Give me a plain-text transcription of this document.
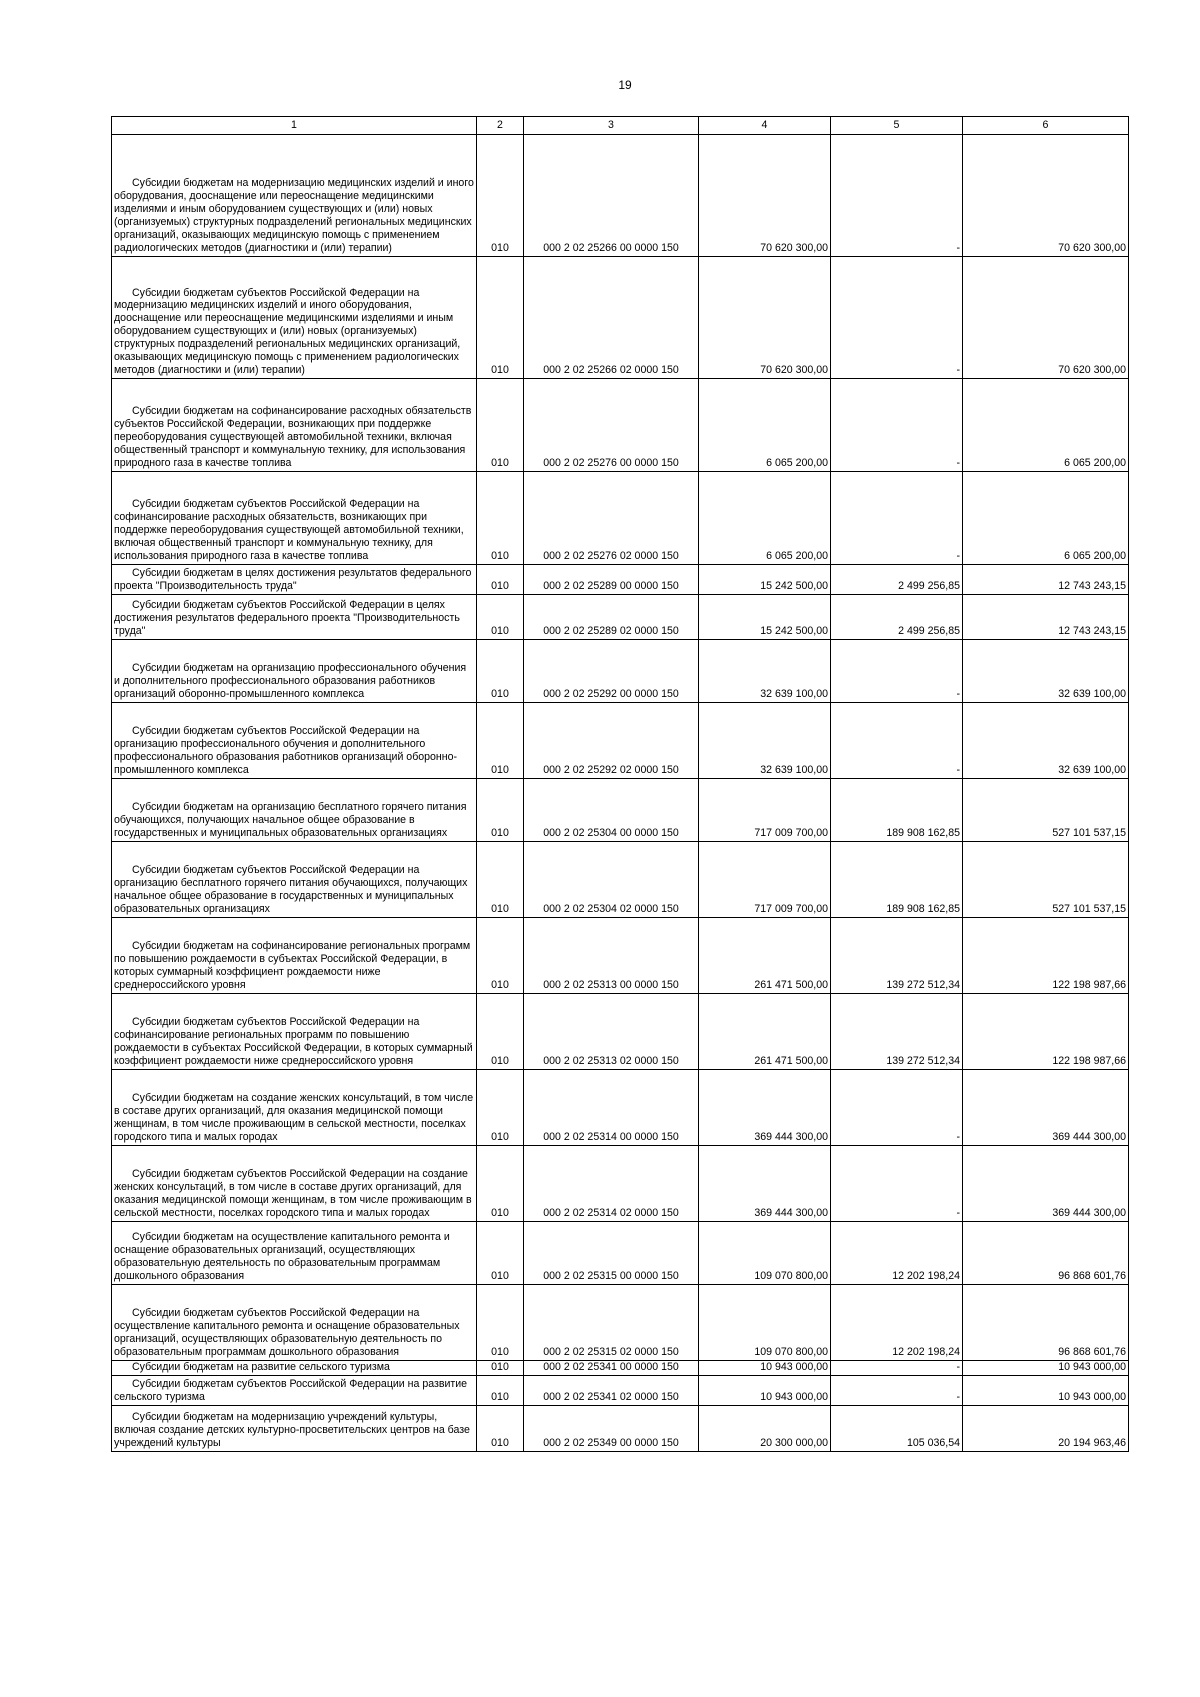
19
1	2	3	4	5	6

Субсидии бюджетам на модернизацию медицинских изделий и иного оборудования, дооснащение или переоснащение медицинскими изделиями и иным оборудованием существующих и (или) новых (организуемых) структурных подразделений региональных медицинских организаций, оказывающих медицинскую помощь с применением радиологических методов (диагностики и (или) терапии)	010	000 2 02 25266 00 0000 150	70 620 300,00	-	70 620 300,00

Субсидии бюджетам субъектов Российской Федерации на модернизацию медицинских изделий и иного оборудования, дооснащение или переоснащение медицинскими изделиями и иным оборудованием существующих и (или) новых (организуемых) структурных подразделений региональных медицинских организаций, оказывающих медицинскую помощь с применением радиологических методов (диагностики и (или) терапии)	010	000 2 02 25266 02 0000 150	70 620 300,00	-	70 620 300,00

Субсидии бюджетам на софинансирование расходных обязательств субъектов Российской Федерации, возникающих при поддержке переоборудования существующей автомобильной техники, включая общественный транспорт и коммунальную технику, для использования природного газа в качестве топлива	010	000 2 02 25276 00 0000 150	6 065 200,00	-	6 065 200,00

Субсидии бюджетам субъектов Российской Федерации на софинансирование расходных обязательств, возникающих при поддержке переоборудования существующей автомобильной техники, включая общественный транспорт и коммунальную технику, для использования природного газа в качестве топлива	010	000 2 02 25276 02 0000 150	6 065 200,00	-	6 065 200,00

Субсидии бюджетам в целях достижения результатов федерального проекта "Производительность труда"	010	000 2 02 25289 00 0000 150	15 242 500,00	2 499 256,85	12 743 243,15

Субсидии бюджетам субъектов Российской Федерации в целях достижения результатов федерального проекта "Производительность труда"	010	000 2 02 25289 02 0000 150	15 242 500,00	2 499 256,85	12 743 243,15

Субсидии бюджетам на организацию профессионального обучения и дополнительного профессионального образования работников организаций оборонно-промышленного комплекса	010	000 2 02 25292 00 0000 150	32 639 100,00	-	32 639 100,00

Субсидии бюджетам субъектов Российской Федерации на организацию профессионального обучения и дополнительного профессионального образования работников организаций оборонно-промышленного комплекса	010	000 2 02 25292 02 0000 150	32 639 100,00	-	32 639 100,00

Субсидии бюджетам на организацию бесплатного горячего питания обучающихся, получающих начальное общее образование в государственных и муниципальных образовательных организациях	010	000 2 02 25304 00 0000 150	717 009 700,00	189 908 162,85	527 101 537,15

Субсидии бюджетам субъектов Российской Федерации на организацию бесплатного горячего питания обучающихся, получающих начальное общее образование в государственных и муниципальных образовательных организациях	010	000 2 02 25304 02 0000 150	717 009 700,00	189 908 162,85	527 101 537,15

Субсидии бюджетам на софинансирование региональных программ по повышению рождаемости в субъектах Российской Федерации, в которых суммарный коэффициент рождаемости ниже среднероссийского уровня	010	000 2 02 25313 00 0000 150	261 471 500,00	139 272 512,34	122 198 987,66

Субсидии бюджетам субъектов Российской Федерации на софинансирование региональных программ по повышению рождаемости в субъектах Российской Федерации, в которых суммарный коэффициент рождаемости ниже среднероссийского уровня	010	000 2 02 25313 02 0000 150	261 471 500,00	139 272 512,34	122 198 987,66

Субсидии бюджетам на создание женских консультаций, в том числе в составе других организаций, для оказания медицинской помощи женщинам, в том числе проживающим в сельской местности, поселках городского типа и малых городах	010	000 2 02 25314 00 0000 150	369 444 300,00	-	369 444 300,00

Субсидии бюджетам субъектов Российской Федерации на создание женских консультаций, в том числе в составе других организаций, для оказания медицинской помощи женщинам, в том числе проживающим в сельской местности, поселках городского типа и малых городах	010	000 2 02 25314 02 0000 150	369 444 300,00	-	369 444 300,00

Субсидии бюджетам на осуществление капитального ремонта и оснащение образовательных организаций, осуществляющих образовательную деятельность по образовательным программам дошкольного образования	010	000 2 02 25315 00 0000 150	109 070 800,00	12 202 198,24	96 868 601,76

Субсидии бюджетам субъектов Российской Федерации на осуществление капитального ремонта и оснащение образовательных организаций, осуществляющих образовательную деятельность по образовательным программам дошкольного образования	010	000 2 02 25315 02 0000 150	109 070 800,00	12 202 198,24	96 868 601,76

Субсидии бюджетам на развитие сельского туризма	010	000 2 02 25341 00 0000 150	10 943 000,00	-	10 943 000,00

Субсидии бюджетам субъектов Российской Федерации на развитие сельского туризма	010	000 2 02 25341 02 0000 150	10 943 000,00	-	10 943 000,00

Субсидии бюджетам на модернизацию учреждений культуры, включая создание детских культурно-просветительских центров на базе учреждений культуры	010	000 2 02 25349 00 0000 150	20 300 000,00	105 036,54	20 194 963,46
